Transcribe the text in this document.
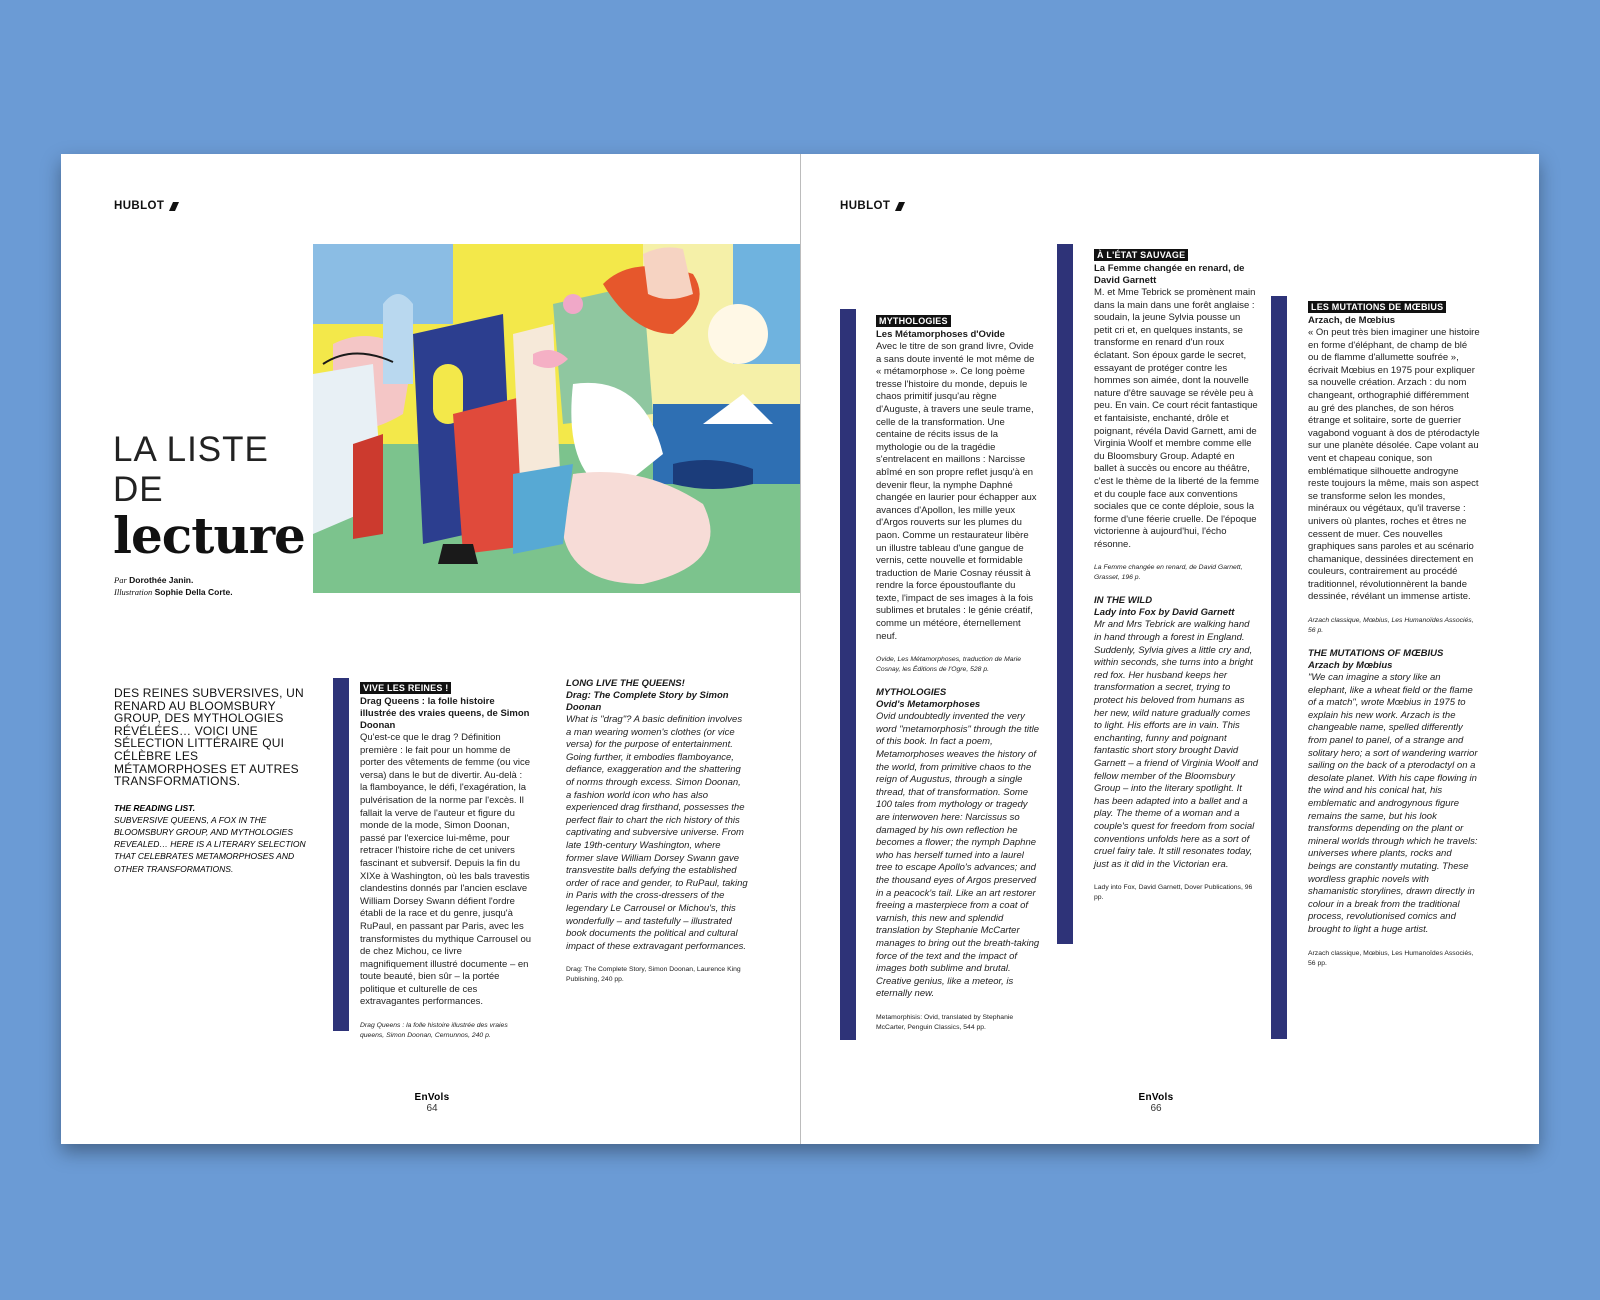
HUBLOT
LA LISTE
DE
lecture
Par Dorothée Janin.
Illustration Sophie Della Corte.
DES REINES SUBVERSIVES, UN RENARD AU BLOOMSBURY GROUP, DES MYTHOLOGIES RÉVÉLÉES… VOICI UNE SÉLECTION LITTÉRAIRE QUI CÉLÈBRE LES MÉTAMORPHOSES ET AUTRES TRANSFORMATIONS.
THE READING LIST.
SUBVERSIVE QUEENS, A FOX IN THE BLOOMSBURY GROUP, AND MYTHOLOGIES REVEALED… HERE IS A LITERARY SELECTION THAT CELEBRATES METAMORPHOSES AND OTHER TRANSFORMATIONS.
VIVE LES REINES !
Drag Queens : la folle histoire illustrée des vraies queens, de Simon Doonan
Qu'est-ce que le drag ? Définition première : le fait pour un homme de porter des vêtements de femme (ou vice versa) dans le but de divertir. Au-delà : la flamboyance, le défi, l'exagération, la pulvérisation de la norme par l'excès. Il fallait la verve de l'auteur et figure du monde de la mode, Simon Doonan, passé par l'exercice lui-même, pour retracer l'histoire riche de cet univers fascinant et subversif. Depuis la fin du XIXe à Washington, où les bals travestis clandestins donnés par l'ancien esclave William Dorsey Swann défient l'ordre établi de la race et du genre, jusqu'à RuPaul, en passant par Paris, avec les transformistes du mythique Carrousel ou de chez Michou, ce livre magnifiquement illustré documente – en toute beauté, bien sûr – la portée politique et culturelle de ces extravagantes performances.
Drag Queens : la folle histoire illustrée des vraies queens, Simon Doonan, Cernunnos, 240 p.
LONG LIVE THE QUEENS!
Drag: The Complete Story by Simon Doonan
What is "drag"? A basic definition involves a man wearing women's clothes (or vice versa) for the purpose of entertainment. Going further, it embodies flamboyance, defiance, exaggeration and the shattering of norms through excess. Simon Doonan, a fashion world icon who has also experienced drag firsthand, possesses the perfect flair to chart the rich history of this captivating and subversive universe. From late 19th-century Washington, where former slave William Dorsey Swann gave transvestite balls defying the established order of race and gender, to RuPaul, taking in Paris with the cross-dressers of the legendary Le Carrousel or Michou's, this wonderfully – and tastefully – illustrated book documents the political and cultural impact of these extravagant performances.
Drag: The Complete Story, Simon Doonan, Laurence King Publishing, 240 pp.
EnVols
64
HUBLOT
MYTHOLOGIES
Les Métamorphoses d'Ovide
Avec le titre de son grand livre, Ovide a sans doute inventé le mot même de « métamorphose ». Ce long poème tresse l'histoire du monde, depuis le chaos primitif jusqu'au règne d'Auguste, à travers une seule trame, celle de la transformation. Une centaine de récits issus de la mythologie ou de la tragédie s'entrelacent en maillons : Narcisse abîmé en son propre reflet jusqu'à en devenir fleur, la nymphe Daphné changée en laurier pour échapper aux avances d'Apollon, les mille yeux d'Argos rouverts sur les plumes du paon. Comme un restaurateur libère un illustre tableau d'une gangue de vernis, cette nouvelle et formidable traduction de Marie Cosnay réussit à rendre la force époustouflante du texte, l'impact de ses images à la fois sublimes et brutales : le génie créatif, comme un météore, éternellement neuf.
Ovide, Les Métamorphoses, traduction de Marie Cosnay, les Éditions de l'Ogre, 528 p.
MYTHOLOGIES
Ovid's Metamorphoses
Ovid undoubtedly invented the very word "metamorphosis" through the title of this book. In fact a poem, Metamorphoses weaves the history of the world, from primitive chaos to the reign of Augustus, through a single thread, that of transformation. Some 100 tales from mythology or tragedy are interwoven here: Narcissus so damaged by his own reflection he becomes a flower; the nymph Daphne who has herself turned into a laurel tree to escape Apollo's advances; and the thousand eyes of Argos preserved in a peacock's tail. Like an art restorer freeing a masterpiece from a coat of varnish, this new and splendid translation by Stephanie McCarter manages to bring out the breath-taking force of the text and the impact of images both sublime and brutal. Creative genius, like a meteor, is eternally new.
Metamorphisis: Ovid, translated by Stephanie McCarter, Penguin Classics, 544 pp.
À L'ÉTAT SAUVAGE
La Femme changée en renard, de David Garnett
M. et Mme Tebrick se promènent main dans la main dans une forêt anglaise : soudain, la jeune Sylvia pousse un petit cri et, en quelques instants, se transforme en renard d'un roux éclatant. Son époux garde le secret, essayant de protéger contre les hommes son aimée, dont la nouvelle nature d'être sauvage se révèle peu à peu. En vain. Ce court récit fantastique et fantaisiste, enchanté, drôle et poignant, révéla David Garnett, ami de Virginia Woolf et membre comme elle du Bloomsbury Group. Adapté en ballet à succès ou encore au théâtre, c'est le thème de la liberté de la femme et du couple face aux conventions sociales que ce conte déploie, sous la forme d'une féerie cruelle. De l'époque victorienne à aujourd'hui, l'écho résonne.
La Femme changée en renard, de David Garnett, Grasset, 196 p.
IN THE WILD
Lady into Fox by David Garnett
Mr and Mrs Tebrick are walking hand in hand through a forest in England. Suddenly, Sylvia gives a little cry and, within seconds, she turns into a bright red fox. Her husband keeps her transformation a secret, trying to protect his beloved from humans as her new, wild nature gradually comes to light. His efforts are in vain. This enchanting, funny and poignant fantastic short story brought David Garnett – a friend of Virginia Woolf and fellow member of the Bloomsbury Group – into the literary spotlight. It has been adapted into a ballet and a play. The theme of a woman and a couple's quest for freedom from social conventions unfolds here as a sort of cruel fairy tale. It still resonates today, just as it did in the Victorian era.
Lady into Fox, David Garnett, Dover Publications, 96 pp.
LES MUTATIONS DE MŒBIUS
Arzach, de Mœbius
« On peut très bien imaginer une histoire en forme d'éléphant, de champ de blé ou de flamme d'allumette soufrée », écrivait Mœbius en 1975 pour expliquer sa nouvelle création. Arzach : du nom changeant, orthographié différemment au gré des planches, de son héros étrange et solitaire, sorte de guerrier vagabond voguant à dos de ptérodactyle sur une planète désolée. Cape volant au vent et chapeau conique, son emblématique silhouette androgyne reste toujours la même, mais son aspect se transforme selon les mondes, minéraux ou végétaux, qu'il traverse : univers où plantes, roches et êtres ne cessent de muer. Ces nouvelles graphiques sans paroles et au scénario chamanique, dessinées directement en couleurs, contrairement au procédé traditionnel, révolutionnèrent la bande dessinée, révélant un immense artiste.
Arzach classique, Mœbius, Les Humanoïdes Associés, 56 p.
THE MUTATIONS OF MŒBIUS
Arzach by Mœbius
"We can imagine a story like an elephant, like a wheat field or the flame of a match", wrote Mœbius in 1975 to explain his new work. Arzach is the changeable name, spelled differently from panel to panel, of a strange and solitary hero; a sort of wandering warrior sailing on the back of a pterodactyl on a desolate planet. With his cape flowing in the wind and his conical hat, his emblematic and androgynous figure remains the same, but his look transforms depending on the plant or mineral worlds through which he travels: universes where plants, rocks and beings are constantly mutating. These wordless graphic novels with shamanistic storylines, drawn directly in colour in a break from the traditional process, revolutionised comics and brought to light a huge artist.
Arzach classique, Mœbius, Les Humanoïdes Associés, 56 pp.
EnVols
66
